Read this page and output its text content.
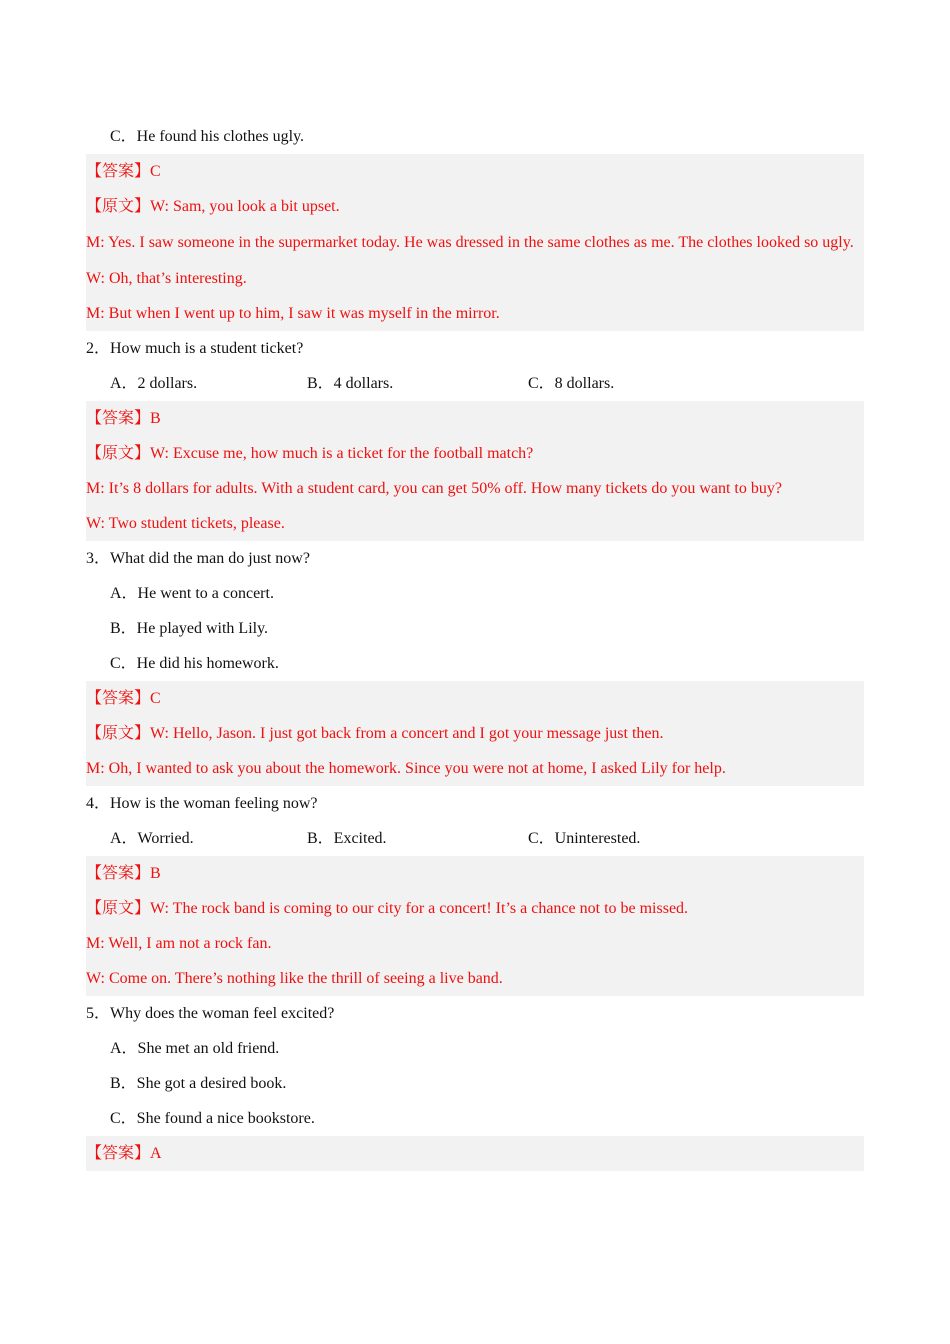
C．He found his clothes ugly.
【答案】C
【原文】W: Sam, you look a bit upset.
M: Yes. I saw someone in the supermarket today. He was dressed in the same clothes as me. The clothes looked so ugly.
W: Oh, that’s interesting.
M: But when I went up to him, I saw it was myself in the mirror.
2．How much is a student ticket?
A．2 dollars.	B．4 dollars.	C．8 dollars.
【答案】B
【原文】W: Excuse me, how much is a ticket for the football match?
M: It’s 8 dollars for adults. With a student card, you can get 50% off. How many tickets do you want to buy?
W: Two student tickets, please.
3．What did the man do just now?
A．He went to a concert.
B．He played with Lily.
C．He did his homework.
【答案】C
【原文】W: Hello, Jason. I just got back from a concert and I got your message just then.
M: Oh, I wanted to ask you about the homework. Since you were not at home, I asked Lily for help.
4．How is the woman feeling now?
A．Worried.	B．Excited.	C．Uninterested.
【答案】B
【原文】W: The rock band is coming to our city for a concert! It’s a chance not to be missed.
M: Well, I am not a rock fan.
W: Come on. There’s nothing like the thrill of seeing a live band.
5．Why does the woman feel excited?
A．She met an old friend.
B．She got a desired book.
C．She found a nice bookstore.
【答案】A
